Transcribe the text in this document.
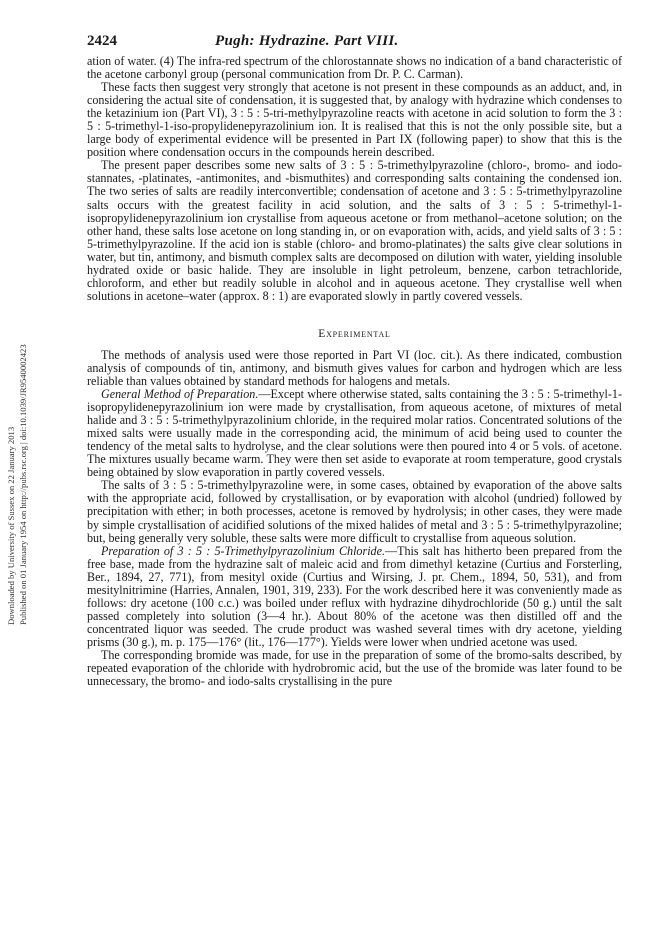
Downloaded by University of Sussex on 22 January 2013 Published on 01 January 1954 on http://pubs.rsc.org | doi:10.1039/JR9540002423
2424	Pugh: Hydrazine. Part VIII.

ation of water. (4) The infra-red spectrum of the chlorostannate shows no indication of a band characteristic of the acetone carbonyl group (personal communication from Dr. P. C. Carman).

These facts then suggest very strongly that acetone is not present in these compounds as an adduct, and, in considering the actual site of condensation, it is suggested that, by analogy with hydrazine which condenses to the ketazinium ion (Part VI), 3 : 5 : 5-tri-methylpyrazoline reacts with acetone in acid solution to form the 3 : 5 : 5-trimethyl-1-iso-propylidenepyrazolinium ion. It is realised that this is not the only possible site, but a large body of experimental evidence will be presented in Part IX (following paper) to show that this is the position where condensation occurs in the compounds herein described.

The present paper describes some new salts of 3 : 5 : 5-trimethylpyrazoline (chloro-, bromo- and iodo-stannates, -platinates, -antimonites, and -bismuthites) and corresponding salts containing the condensed ion. The two series of salts are readily interconvertible; condensation of acetone and 3 : 5 : 5-trimethylpyrazoline salts occurs with the greatest facility in acid solution, and the salts of 3 : 5 : 5-trimethyl-1-isopropylidenepyrazolinium ion crystallise from aqueous acetone or from methanol–acetone solution; on the other hand, these salts lose acetone on long standing in, or on evaporation with, acids, and yield salts of 3 : 5 : 5-trimethylpyrazoline. If the acid ion is stable (chloro- and bromo-platinates) the salts give clear solutions in water, but tin, antimony, and bismuth complex salts are decomposed on dilution with water, yielding insoluble hydrated oxide or basic halide. They are insoluble in light petroleum, benzene, carbon tetrachloride, chloroform, and ether but readily soluble in alcohol and in aqueous acetone. They crystallise well when solutions in acetone–water (approx. 8 : 1) are evaporated slowly in partly covered vessels.

Experimental

The methods of analysis used were those reported in Part VI (loc. cit.). As there indicated, combustion analysis of compounds of tin, antimony, and bismuth gives values for carbon and hydrogen which are less reliable than values obtained by standard methods for halogens and metals.

General Method of Preparation.—Except where otherwise stated, salts containing the 3 : 5 : 5-trimethyl-1-isopropylidenepyrazolinium ion were made by crystallisation, from aqueous acetone, of mixtures of metal halide and 3 : 5 : 5-trimethylpyrazolinium chloride, in the required molar ratios. Concentrated solutions of the mixed salts were usually made in the corresponding acid, the minimum of acid being used to counter the tendency of the metal salts to hydrolyse, and the clear solutions were then poured into 4 or 5 vols. of acetone. The mixtures usually became warm. They were then set aside to evaporate at room temperature, good crystals being obtained by slow evaporation in partly covered vessels.

The salts of 3 : 5 : 5-trimethylpyrazoline were, in some cases, obtained by evaporation of the above salts with the appropriate acid, followed by crystallisation, or by evaporation with alcohol (undried) followed by precipitation with ether; in both processes, acetone is removed by hydrolysis; in other cases, they were made by simple crystallisation of acidified solutions of the mixed halides of metal and 3 : 5 : 5-trimethylpyrazoline; but, being generally very soluble, these salts were more difficult to crystallise from aqueous solution.

Preparation of 3 : 5 : 5-Trimethylpyrazolinium Chloride.—This salt has hitherto been prepared from the free base, made from the hydrazine salt of maleic acid and from dimethyl ketazine (Curtius and Forsterling, Ber., 1894, 27, 771), from mesityl oxide (Curtius and Wirsing, J. pr. Chem., 1894, 50, 531), and from mesitylnitrimine (Harries, Annalen, 1901, 319, 233). For the work described here it was conveniently made as follows: dry acetone (100 c.c.) was boiled under reflux with hydrazine dihydrochloride (50 g.) until the salt passed completely into solution (3—4 hr.). About 80% of the acetone was then distilled off and the concentrated liquor was seeded. The crude product was washed several times with dry acetone, yielding prisms (30 g.), m. p. 175—176° (lit., 176—177°). Yields were lower when undried acetone was used.

The corresponding bromide was made, for use in the preparation of some of the bromo-salts described, by repeated evaporation of the chloride with hydrobromic acid, but the use of the bromide was later found to be unnecessary, the bromo- and iodo-salts crystallising in the pure
